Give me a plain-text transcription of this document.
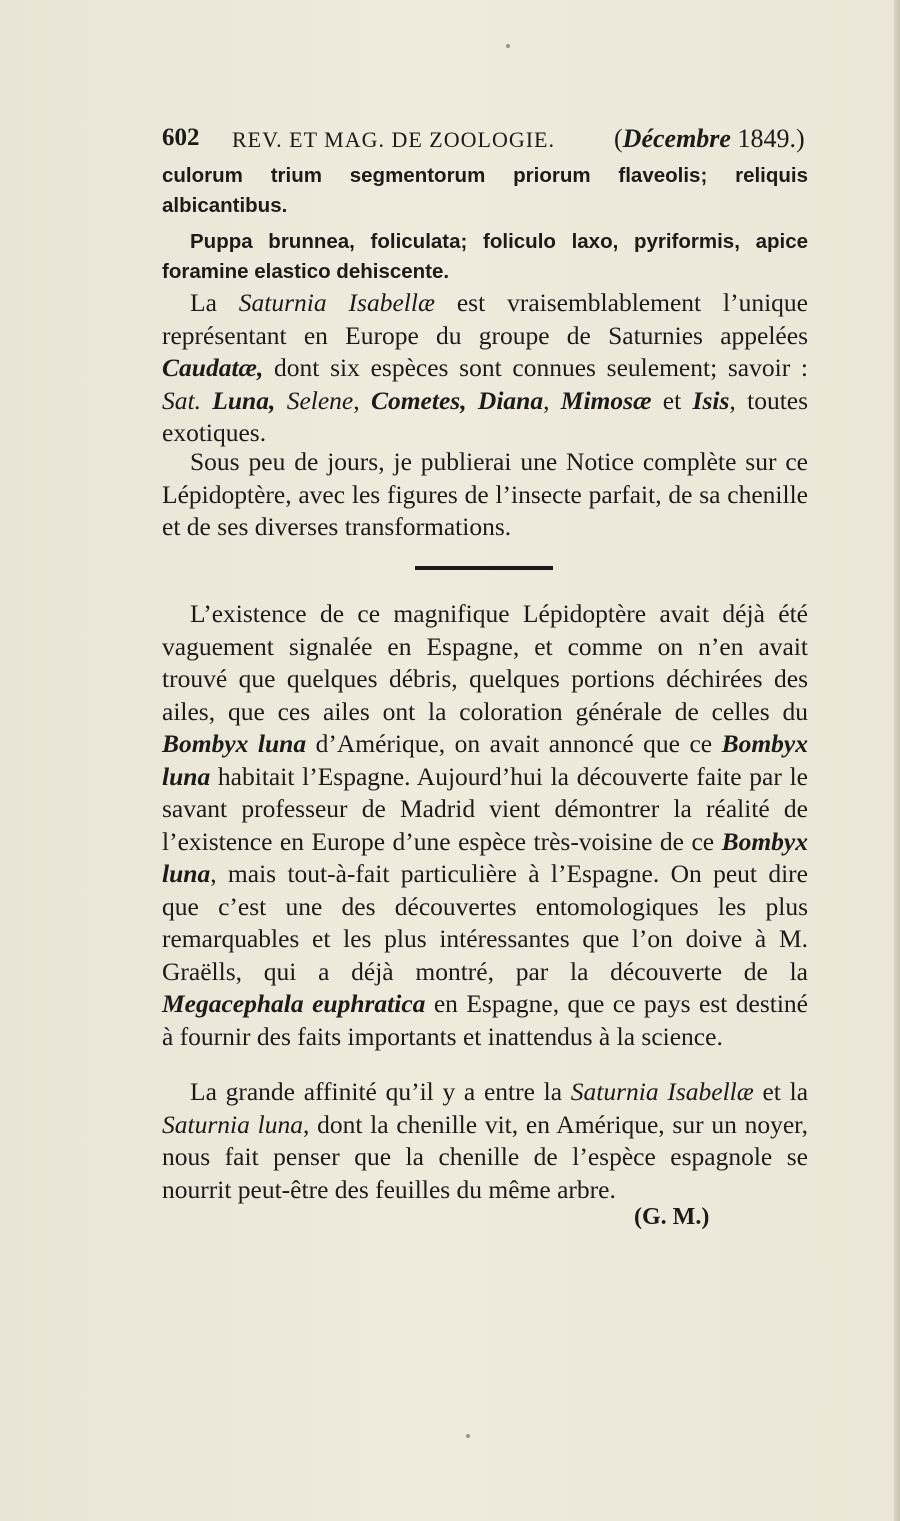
602 REV. ET MAG. DE ZOOLOGIE. (Décembre 1849.)

culorum trium segmentorum priorum flaveolis; reliquis albicantibus.

Puppa brunnea, foliculata; foliculo laxo, pyriformis, apice foramine elastico dehiscente.

La Saturnia Isabellæ est vraisemblablement l’unique représentant en Europe du groupe de Saturnies appelées Caudatæ, dont six espèces sont connues seulement; savoir : Sat. Luna, Selene, Cometes, Diana, Mimosæ et Isis, toutes exotiques.

Sous peu de jours, je publierai une Notice complète sur ce Lépidoptère, avec les figures de l’insecte parfait, de sa chenille et de ses diverses transformations.

L’existence de ce magnifique Lépidoptère avait déjà été vaguement signalée en Espagne, et comme on n’en avait trouvé que quelques débris, quelques portions déchirées des ailes, que ces ailes ont la coloration générale de celles du Bombyx luna d’Amérique, on avait annoncé que ce Bombyx luna habitait l’Espagne. Aujourd’hui la découverte faite par le savant professeur de Madrid vient démontrer la réalité de l’existence en Europe d’une espèce très-voisine de ce Bombyx luna, mais tout-à-fait particulière à l’Espagne. On peut dire que c’est une des découvertes entomologiques les plus remarquables et les plus intéressantes que l’on doive à M. Graëlls, qui a déjà montré, par la découverte de la Megacephala euphratica en Espagne, que ce pays est destiné à fournir des faits importants et inattendus à la science.

La grande affinité qu’il y a entre la Saturnia Isabellæ et la Saturnia luna, dont la chenille vit, en Amérique, sur un noyer, nous fait penser que la chenille de l’espèce espagnole se nourrit peut-être des feuilles du même arbre.

(G. M.)
